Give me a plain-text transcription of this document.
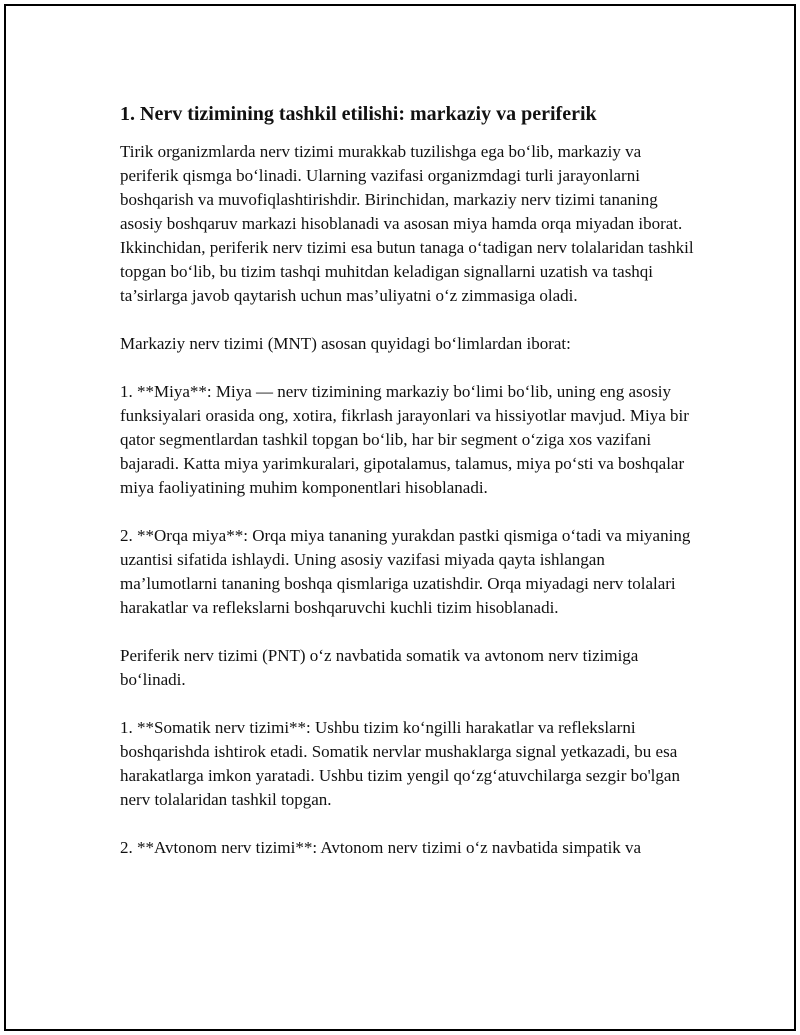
1. Nerv tizimining tashkil etilishi: markaziy va periferik

Tirik organizmlarda nerv tizimi murakkab tuzilishga ega bo‘lib, markaziy va periferik qismga bo‘linadi. Ularning vazifasi organizmdagi turli jarayonlarni boshqarish va muvofiqlashtirishdir. Birinchidan, markaziy nerv tizimi tananing asosiy boshqaruv markazi hisoblanadi va asosan miya hamda orqa miyadan iborat. Ikkinchidan, periferik nerv tizimi esa butun tanaga o‘tadigan nerv tolalaridan tashkil topgan bo‘lib, bu tizim tashqi muhitdan keladigan signallarni uzatish va tashqi ta’sirlarga javob qaytarish uchun mas’uliyatni o‘z zimmasiga oladi.

Markaziy nerv tizimi (MNT) asosan quyidagi bo‘limlardan iborat:

1. **Miya**: Miya — nerv tizimining markaziy bo‘limi bo‘lib, uning eng asosiy funksiyalari orasida ong, xotira, fikrlash jarayonlari va hissiyotlar mavjud. Miya bir qator segmentlardan tashkil topgan bo‘lib, har bir segment o‘ziga xos vazifani bajaradi. Katta miya yarimkuralari, gipotalamus, talamus, miya po‘sti va boshqalar miya faoliyatining muhim komponentlari hisoblanadi.

2. **Orqa miya**: Orqa miya tananing yurakdan pastki qismiga o‘tadi va miyaning uzantisi sifatida ishlaydi. Uning asosiy vazifasi miyada qayta ishlangan ma’lumotlarni tananing boshqa qismlariga uzatishdir. Orqa miyadagi nerv tolalari harakatlar va reflekslarni boshqaruvchi kuchli tizim hisoblanadi.

Periferik nerv tizimi (PNT) o‘z navbatida somatik va avtonom nerv tizimiga bo‘linadi.

1. **Somatik nerv tizimi**: Ushbu tizim ko‘ngilli harakatlar va reflekslarni boshqarishda ishtirok etadi. Somatik nervlar mushaklarga signal yetkazadi, bu esa harakatlarga imkon yaratadi. Ushbu tizim yengil qo‘zg‘atuvchilarga sezgir bo'lgan nerv tolalaridan tashkil topgan.

2. **Avtonom nerv tizimi**: Avtonom nerv tizimi o‘z navbatida simpatik va
